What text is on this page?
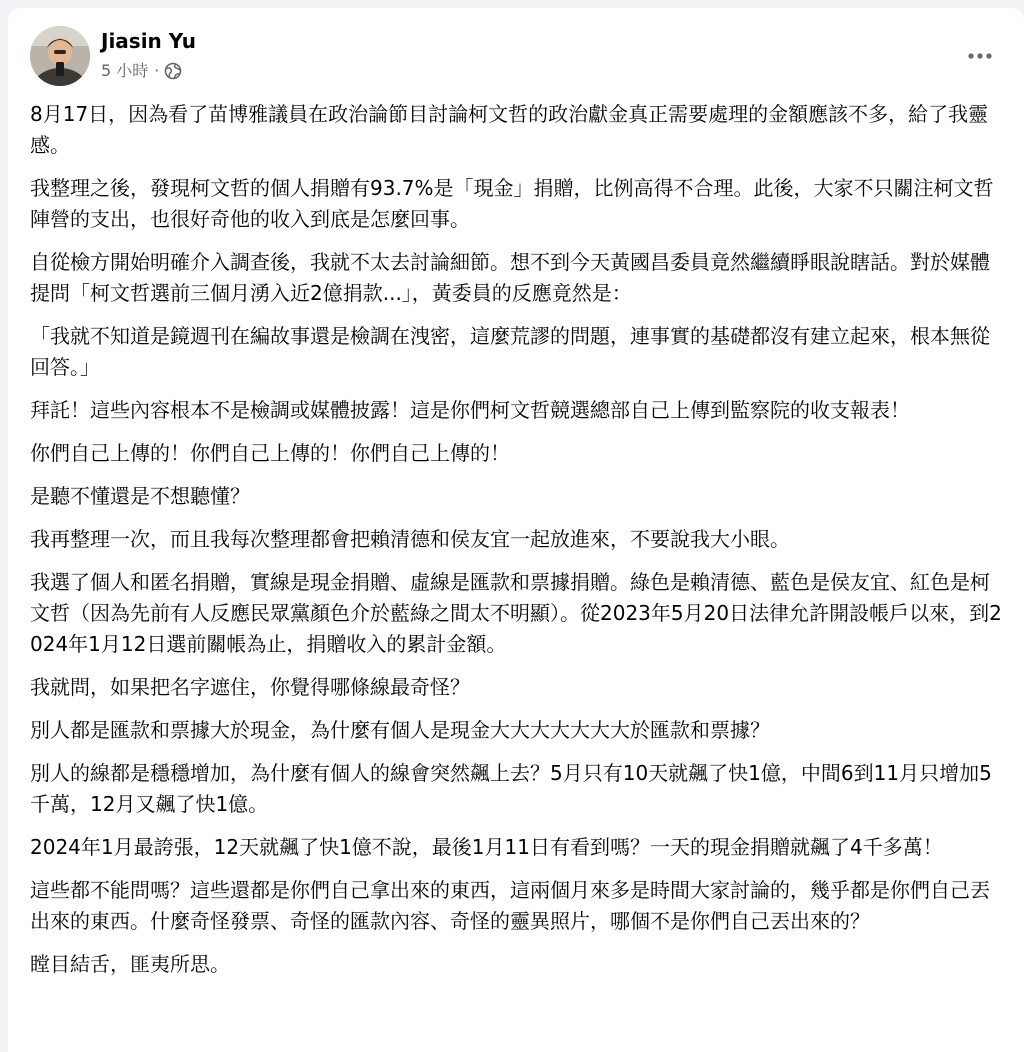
Jiasin Yu
5 小時 ·

8月17日，因為看了苗博雅議員在政治論節目討論柯文哲的政治獻金真正需要處理的金額應該不多，給了我靈感。

我整理之後，發現柯文哲的個人捐贈有93.7%是「現金」捐贈，比例高得不合理。此後，大家不只關注柯文哲陣營的支出，也很好奇他的收入到底是怎麼回事。

自從檢方開始明確介入調查後，我就不太去討論細節。想不到今天黃國昌委員竟然繼續睜眼說瞎話。對於媒體提問「柯文哲選前三個月湧入近2億捐款...」，黃委員的反應竟然是：

「我就不知道是鏡週刊在編故事還是檢調在洩密，這麼荒謬的問題，連事實的基礎都沒有建立起來，根本無從回答。」

拜託！這些內容根本不是檢調或媒體披露！這是你們柯文哲競選總部自己上傳到監察院的收支報表！

你們自己上傳的！你們自己上傳的！你們自己上傳的！

是聽不懂還是不想聽懂？

我再整理一次，而且我每次整理都會把賴清德和侯友宜一起放進來，不要說我大小眼。

我選了個人和匿名捐贈，實線是現金捐贈、虛線是匯款和票據捐贈。綠色是賴清德、藍色是侯友宜、紅色是柯文哲（因為先前有人反應民眾黨顏色介於藍綠之間太不明顯）。從2023年5月20日法律允許開設帳戶以來，到2024年1月12日選前關帳為止，捐贈收入的累計金額。

我就問，如果把名字遮住，你覺得哪條線最奇怪？

別人都是匯款和票據大於現金，為什麼有個人是現金大大大大大大大於匯款和票據？

別人的線都是穩穩增加，為什麼有個人的線會突然飆上去？5月只有10天就飆了快1億，中間6到11月只增加5千萬，12月又飆了快1億。

2024年1月最誇張，12天就飆了快1億不說，最後1月11日有看到嗎？一天的現金捐贈就飆了4千多萬！

這些都不能問嗎？這些還都是你們自己拿出來的東西，這兩個月來多是時間大家討論的，幾乎都是你們自己丟出來的東西。什麼奇怪發票、奇怪的匯款內容、奇怪的靈異照片，哪個不是你們自己丟出來的？

瞠目結舌，匪夷所思。
